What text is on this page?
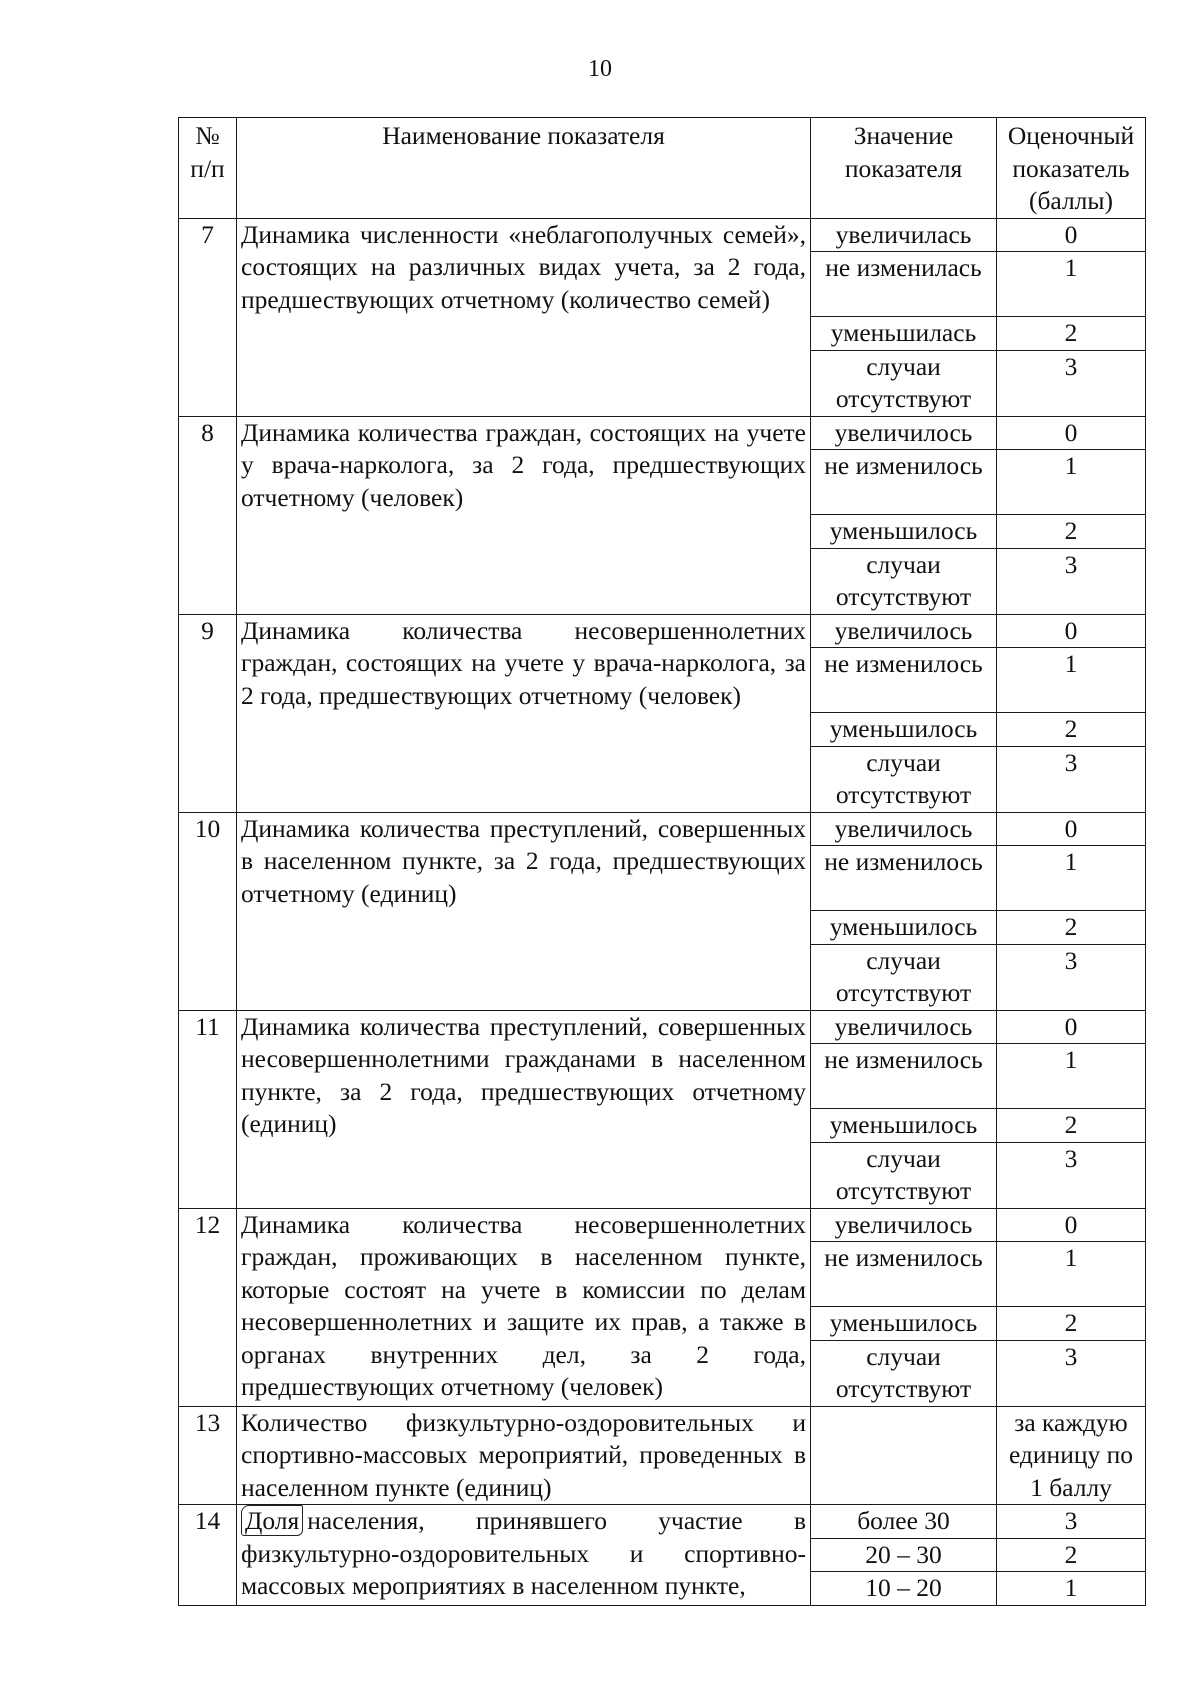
10
№ п/п	Наименование показателя	Значение показателя	Оценочный показатель (баллы)
7	Динамика численности «неблагополучных семей», состоящих на различных видах учета, за 2 года, предшествующих отчетному (количество семей)	увеличилась	0
		не изменилась	1
		уменьшилась	2
		случаи отсутствуют	3
8	Динамика количества граждан, состоящих на учете у врача-нарколога, за 2 года, предшествующих отчетному (человек)	увеличилось	0
		не изменилось	1
		уменьшилось	2
		случаи отсутствуют	3
9	Динамика количества несовершеннолетних граждан, состоящих на учете у врача-нарколога, за 2 года, предшествующих отчетному (человек)	увеличилось	0
		не изменилось	1
		уменьшилось	2
		случаи отсутствуют	3
10	Динамика количества преступлений, совершенных в населенном пункте, за 2 года, предшествующих отчетному (единиц)	увеличилось	0
		не изменилось	1
		уменьшилось	2
		случаи отсутствуют	3
11	Динамика количества преступлений, совершенных несовершеннолетними гражданами в населенном пункте, за 2 года, предшествующих отчетному (единиц)	увеличилось	0
		не изменилось	1
		уменьшилось	2
		случаи отсутствуют	3
12	Динамика количества несовершеннолетних граждан, проживающих в населенном пункте, которые состоят на учете в комиссии по делам несовершеннолетних и защите их прав, а также в органах внутренних дел, за 2 года, предшествующих отчетному (человек)	увеличилось	0
		не изменилось	1
		уменьшилось	2
		случаи отсутствуют	3
13	Количество физкультурно-оздоровительных и спортивно-массовых мероприятий, проведенных в населенном пункте (единиц)		за каждую единицу по 1 баллу
14	Доля населения, принявшего участие в физкультурно-оздоровительных и спортивно-массовых мероприятиях в населенном пункте,	более 30	3
		20 – 30	2
		10 – 20	1
